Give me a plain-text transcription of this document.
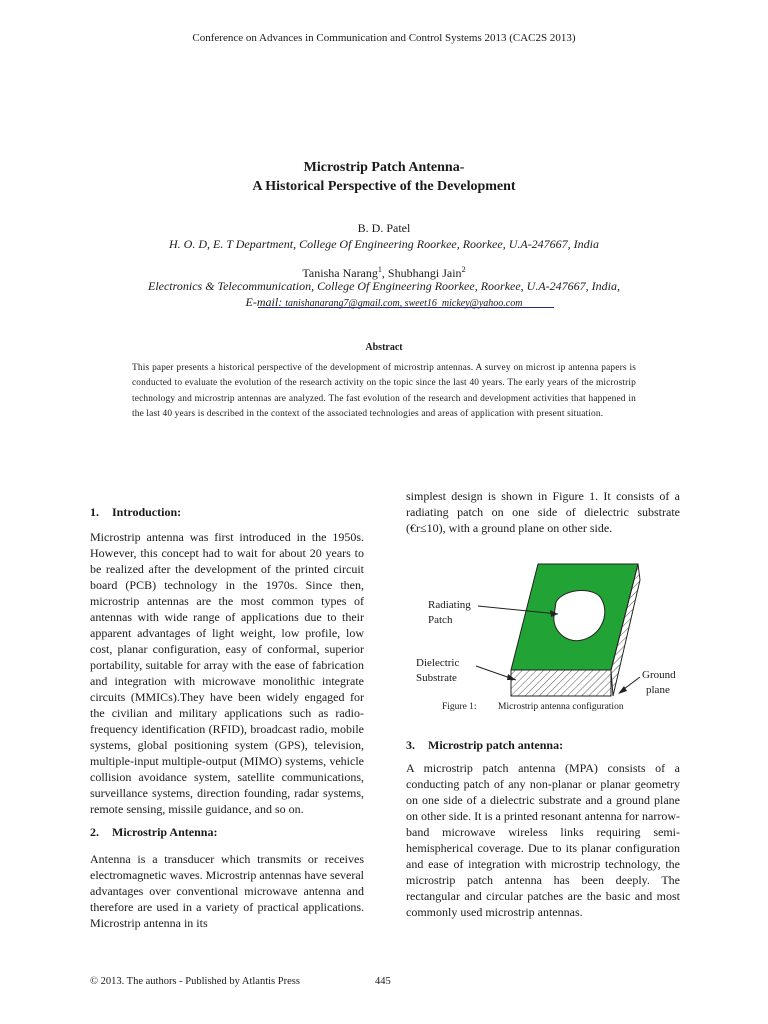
Conference on Advances in Communication and Control Systems 2013 (CAC2S 2013)
Microstrip Patch Antenna-
A Historical Perspective of the Development
B. D. Patel
H. O. D, E. T Department, College Of Engineering Roorkee, Roorkee, U.A-247667, India
Tanisha Narang$^1$, Shubhangi Jain$^2$
Electronics & Telecommunication, College Of Engineering Roorkee, Roorkee, U.A-247667, India,
E-mail: tanishanarang7@gmail.com, sweet16_mickey@yahoo.com
Abstract
This paper presents a historical perspective of the development of microstrip antennas. A survey on microst ip antenna papers is conducted to evaluate the evolution of the research activity on the topic since the last 40 years. The early years of the microstrip technology and microstrip antennas are analyzed. The fast evolution of the research and development activities that happened in the last 40 years is described in the context of the associated technologies and areas of application with present situation.
1. Introduction:
Microstrip antenna was first introduced in the 1950s. However, this concept had to wait for about 20 years to be realized after the development of the printed circuit board (PCB) technology in the 1970s. Since then, microstrip antennas are the most common types of antennas with wide range of applications due to their apparent advantages of light weight, low profile, low cost, planar configuration, easy of conformal, superior portability, suitable for array with the ease of fabrication and integration with microwave monolithic integrate circuits (MMICs).They have been widely engaged for the civilian and military applications such as radio-frequency identification (RFID), broadcast radio, mobile systems, global positioning system (GPS), television, multiple-input multiple-output (MIMO) systems, vehicle collision avoidance system, satellite communications, surveillance systems, direction founding, radar systems, remote sensing, missile guidance, and so on.
2. Microstrip Antenna:
Antenna is a transducer which transmits or receives electromagnetic waves. Microstrip antennas have several advantages over conventional microwave antenna and therefore are used in a variety of practical applications. Microstrip antenna in its
simplest design is shown in Figure 1. It consists of a radiating patch on one side of dielectric substrate (€r≤10), with a ground plane on other side.
Radiating
Patch
Dielectric
Substrate	Ground
plane
Figure 1: Microstrip antenna configuration
3. Microstrip patch antenna:
A microstrip patch antenna (MPA) consists of a conducting patch of any non-planar or planar geometry on one side of a dielectric substrate and a ground plane on other side. It is a printed resonant antenna for narrow-band microwave wireless links requiring semi-hemispherical coverage. Due to its planar configuration and ease of integration with microstrip technology, the microstrip patch antenna has been deeply. The rectangular and circular patches are the basic and most commonly used microstrip antennas.
© 2013. The authors - Published by Atlantis Press	445
